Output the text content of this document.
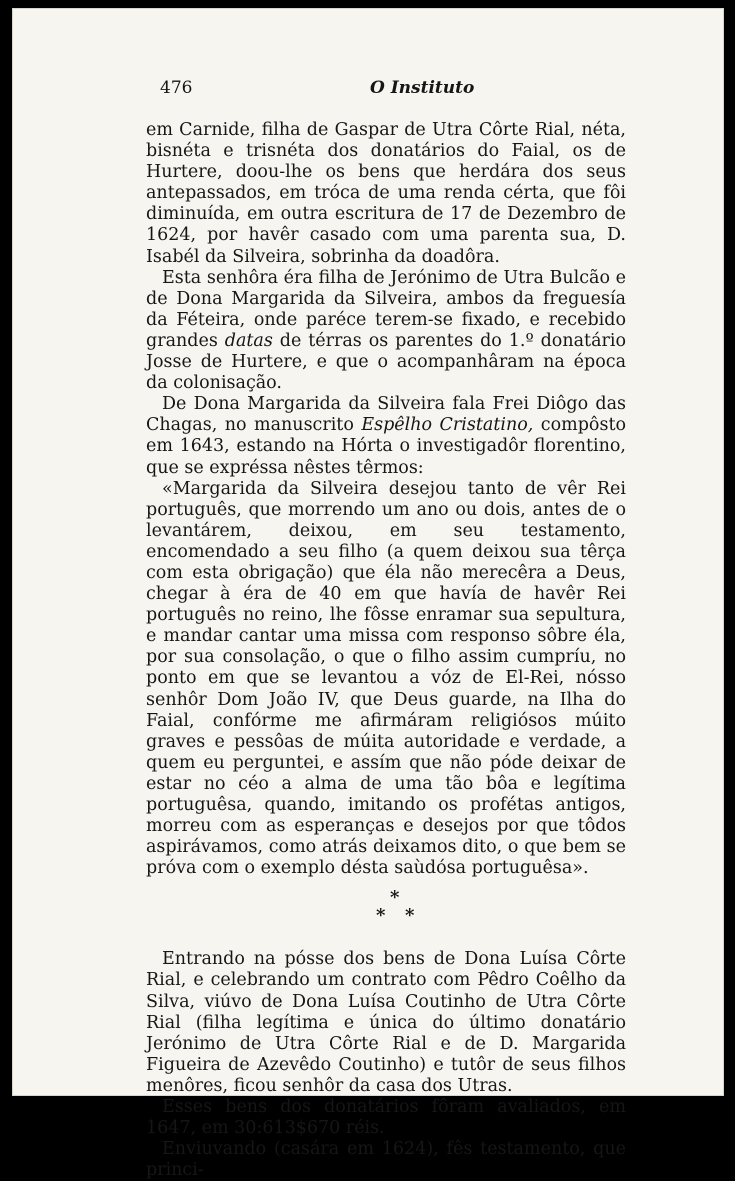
476	O Instituto

em Carnide, filha de Gaspar de Utra Côrte Rial, néta, bisnéta e trisnéta dos donatários do Faial, os de Hurtere, doou-lhe os bens que herdára dos seus antepassados, em tróca de uma renda cérta, que fôi diminuída, em outra escritura de 17 de Dezembro de 1624, por havêr casado com uma parenta sua, D. Isabél da Silveira, sobrinha da doadôra.

Esta senhôra éra filha de Jerónimo de Utra Bulcão e de Dona Margarida da Silveira, ambos da freguesía da Féteira, onde paréce terem-se fixado, e recebido grandes datas de térras os parentes do 1.º donatário Josse de Hurtere, e que o acompanhâram na época da colonisação.

De Dona Margarida da Silveira fala Frei Diôgo das Chagas, no manuscrito Espêlho Cristatino, compôsto em 1643, estando na Hórta o investigadôr florentino, que se expréssa nêstes têrmos:

«Margarida da Silveira desejou tanto de vêr Rei português, que morrendo um ano ou dois, antes de o levantárem, deixou, em seu testamento, encomendado a seu filho (a quem deixou sua têrça com esta obrigação) que éla não merecêra a Deus, chegar à éra de 40 em que havía de havêr Rei português no reino, lhe fôsse enramar sua sepultura, e mandar cantar uma missa com responso sôbre éla, por sua consolação, o que o filho assim cumpríu, no ponto em que se levantou a vóz de El-Rei, nósso senhôr Dom João IV, que Deus guarde, na Ilha do Faial, confórme me afirmáram religiósos múito graves e pessôas de múita autoridade e verdade, a quem eu perguntei, e assím que não póde deixar de estar no céo a alma de uma tão bôa e legítima portuguêsa, quando, imitando os profétas antigos, morreu com as esperanças e desejos por que tôdos aspirávamos, como atrás deixamos dito, o que bem se próva com o exemplo désta saùdósa portuguêsa».

*
* *

Entrando na pósse dos bens de Dona Luísa Côrte Rial, e celebrando um contrato com Pêdro Coêlho da Silva, viúvo de Dona Luísa Coutinho de Utra Côrte Rial (filha legítima e única do último donatário Jerónimo de Utra Côrte Rial e de D. Margarida Figueira de Azevêdo Coutinho) e tutôr de seus filhos menôres, ficou senhôr da casa dos Utras.

Esses bens dos donatários fôram avaliados, em 1647, em 30:613$670 réis.

Enviuvando (casára em 1624), fês testamento, que princi-
